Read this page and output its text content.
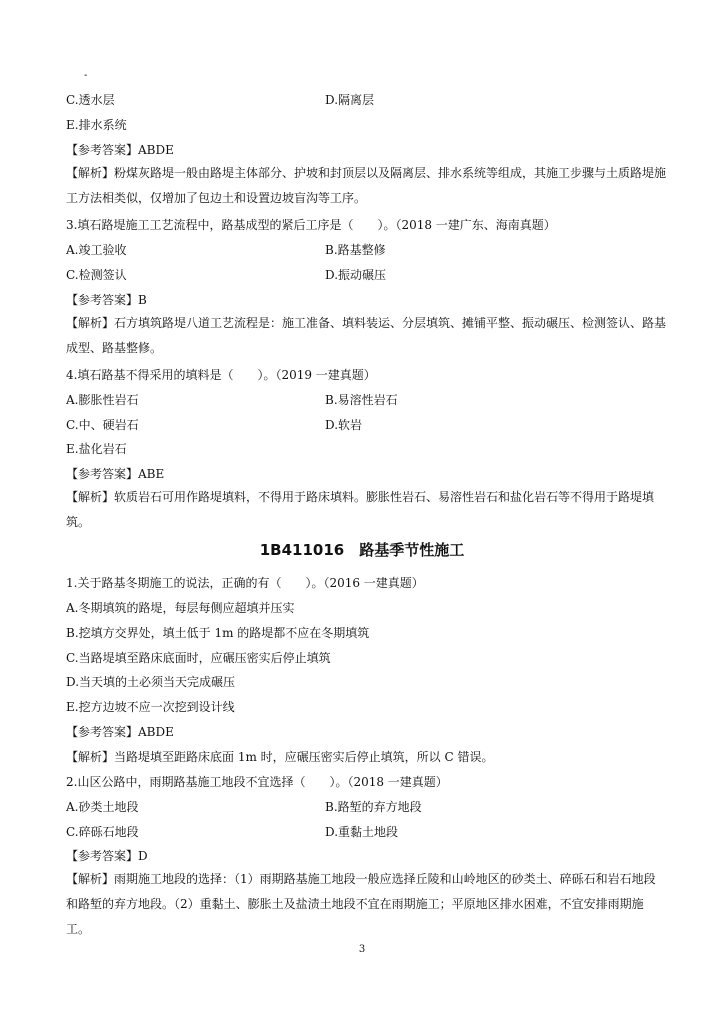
-
C.透水层	D.隔离层
E.排水系统
【参考答案】ABDE
【解析】粉煤灰路堤一般由路堤主体部分、护坡和封顶层以及隔离层、排水系统等组成，其施工步骤与土质路堤施工方法相类似，仅增加了包边土和设置边坡盲沟等工序。
3.填石路堤施工工艺流程中，路基成型的紧后工序是（　　）。（2018 一建广东、海南真题）
A.竣工验收	B.路基整修
C.检测签认	D.振动碾压
【参考答案】B
【解析】石方填筑路堤八道工艺流程是：施工准备、填料装运、分层填筑、摊铺平整、振动碾压、检测签认、路基成型、路基整修。
4.填石路基不得采用的填料是（　　）。（2019 一建真题）
A.膨胀性岩石	B.易溶性岩石
C.中、硬岩石	D.软岩
E.盐化岩石
【参考答案】ABE
【解析】软质岩石可用作路堤填料，不得用于路床填料。膨胀性岩石、易溶性岩石和盐化岩石等不得用于路堤填筑。
1B411016　路基季节性施工
1.关于路基冬期施工的说法，正确的有（　　）。（2016 一建真题）
A.冬期填筑的路堤，每层每侧应超填并压实
B.挖填方交界处，填土低于 1m 的路堤都不应在冬期填筑
C.当路堤填至路床底面时，应碾压密实后停止填筑
D.当天填的土必须当天完成碾压
E.挖方边坡不应一次挖到设计线
【参考答案】ABDE
【解析】当路堤填至距路床底面 1m 时，应碾压密实后停止填筑，所以 C 错误。
2.山区公路中，雨期路基施工地段不宜选择（　　）。（2018 一建真题）
A.砂类土地段	B.路堑的弃方地段
C.碎砾石地段	D.重黏土地段
【参考答案】D
【解析】雨期施工地段的选择：（1）雨期路基施工地段一般应选择丘陵和山岭地区的砂类土、碎砾石和岩石地段和路堑的弃方地段。（2）重黏土、膨胀土及盐渍土地段不宜在雨期施工；平原地区排水困难，不宜安排雨期施工。
3
